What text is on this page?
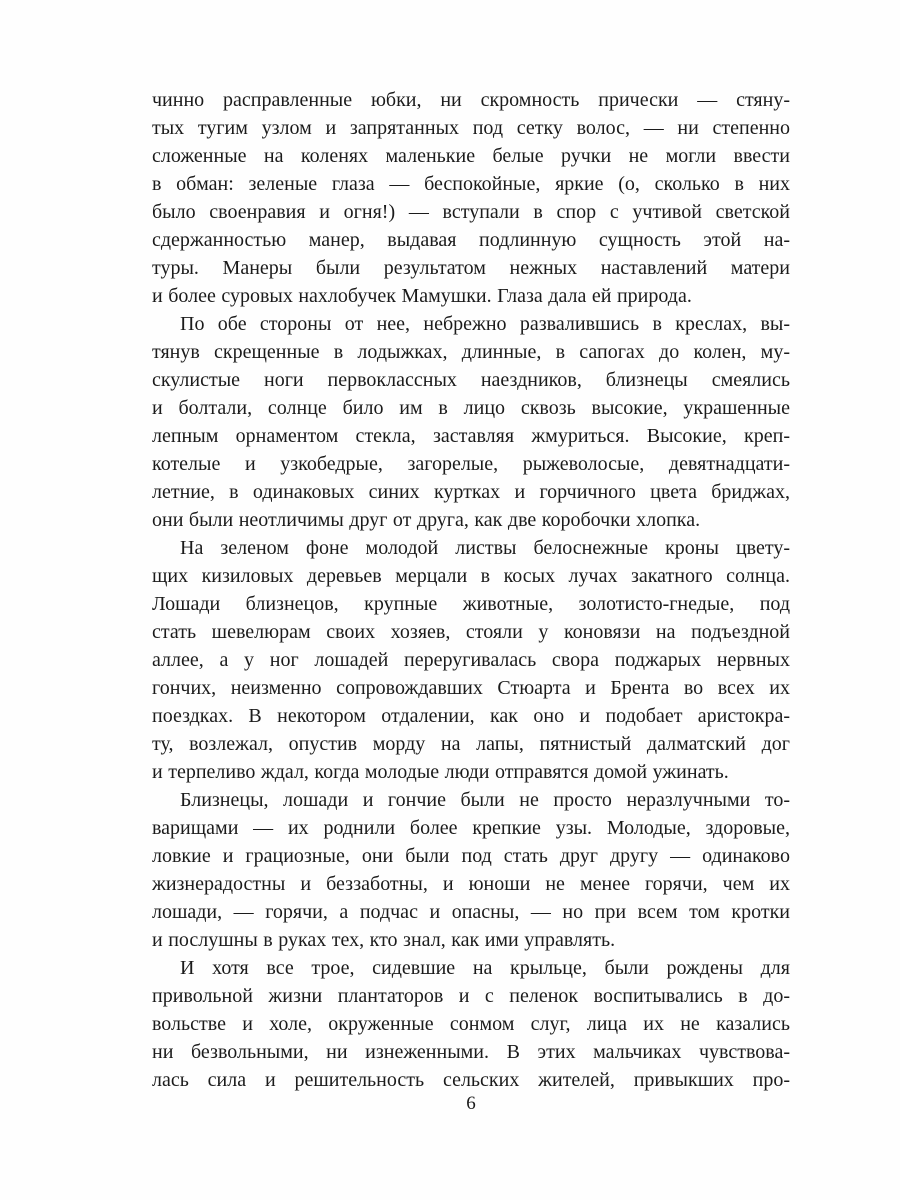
чинно расправленные юбки, ни скромность прически — стяну-
тых тугим узлом и запрятанных под сетку волос, — ни степенно
сложенные на коленях маленькие белые ручки не могли ввести
в обман: зеленые глаза — беспокойные, яркие (о, сколько в них
было своенравия и огня!) — вступали в спор с учтивой светской
сдержанностью манер, выдавая подлинную сущность этой на-
туры. Манеры были результатом нежных наставлений матери
и более суровых нахлобучек Мамушки. Глаза дала ей природа.
По обе стороны от нее, небрежно развалившись в креслах, вы-
тянув скрещенные в лодыжках, длинные, в сапогах до колен, му-
скулистые ноги первоклассных наездников, близнецы смеялись
и болтали, солнце било им в лицо сквозь высокие, украшенные
лепным орнаментом стекла, заставляя жмуриться. Высокие, креп-
котелые и узкобедрые, загорелые, рыжеволосые, девятнадцати-
летние, в одинаковых синих куртках и горчичного цвета бриджах,
они были неотличимы друг от друга, как две коробочки хлопка.
На зеленом фоне молодой листвы белоснежные кроны цвету-
щих кизиловых деревьев мерцали в косых лучах закатного солнца.
Лошади близнецов, крупные животные, золотисто-гнедые, под
стать шевелюрам своих хозяев, стояли у коновязи на подъездной
аллее, а у ног лошадей переругивалась свора поджарых нервных
гончих, неизменно сопровождавших Стюарта и Брента во всех их
поездках. В некотором отдалении, как оно и подобает аристокра-
ту, возлежал, опустив морду на лапы, пятнистый далматский дог
и терпеливо ждал, когда молодые люди отправятся домой ужинать.
Близнецы, лошади и гончие были не просто неразлучными то-
варищами — их роднили более крепкие узы. Молодые, здоровые,
ловкие и грациозные, они были под стать друг другу — одинаково
жизнерадостны и беззаботны, и юноши не менее горячи, чем их
лошади, — горячи, а подчас и опасны, — но при всем том кротки
и послушны в руках тех, кто знал, как ими управлять.
И хотя все трое, сидевшие на крыльце, были рождены для
привольной жизни плантаторов и с пеленок воспитывались в до-
вольстве и холе, окруженные сонмом слуг, лица их не казались
ни безвольными, ни изнеженными. В этих мальчиках чувствова-
лась сила и решительность сельских жителей, привыкших про-
6
